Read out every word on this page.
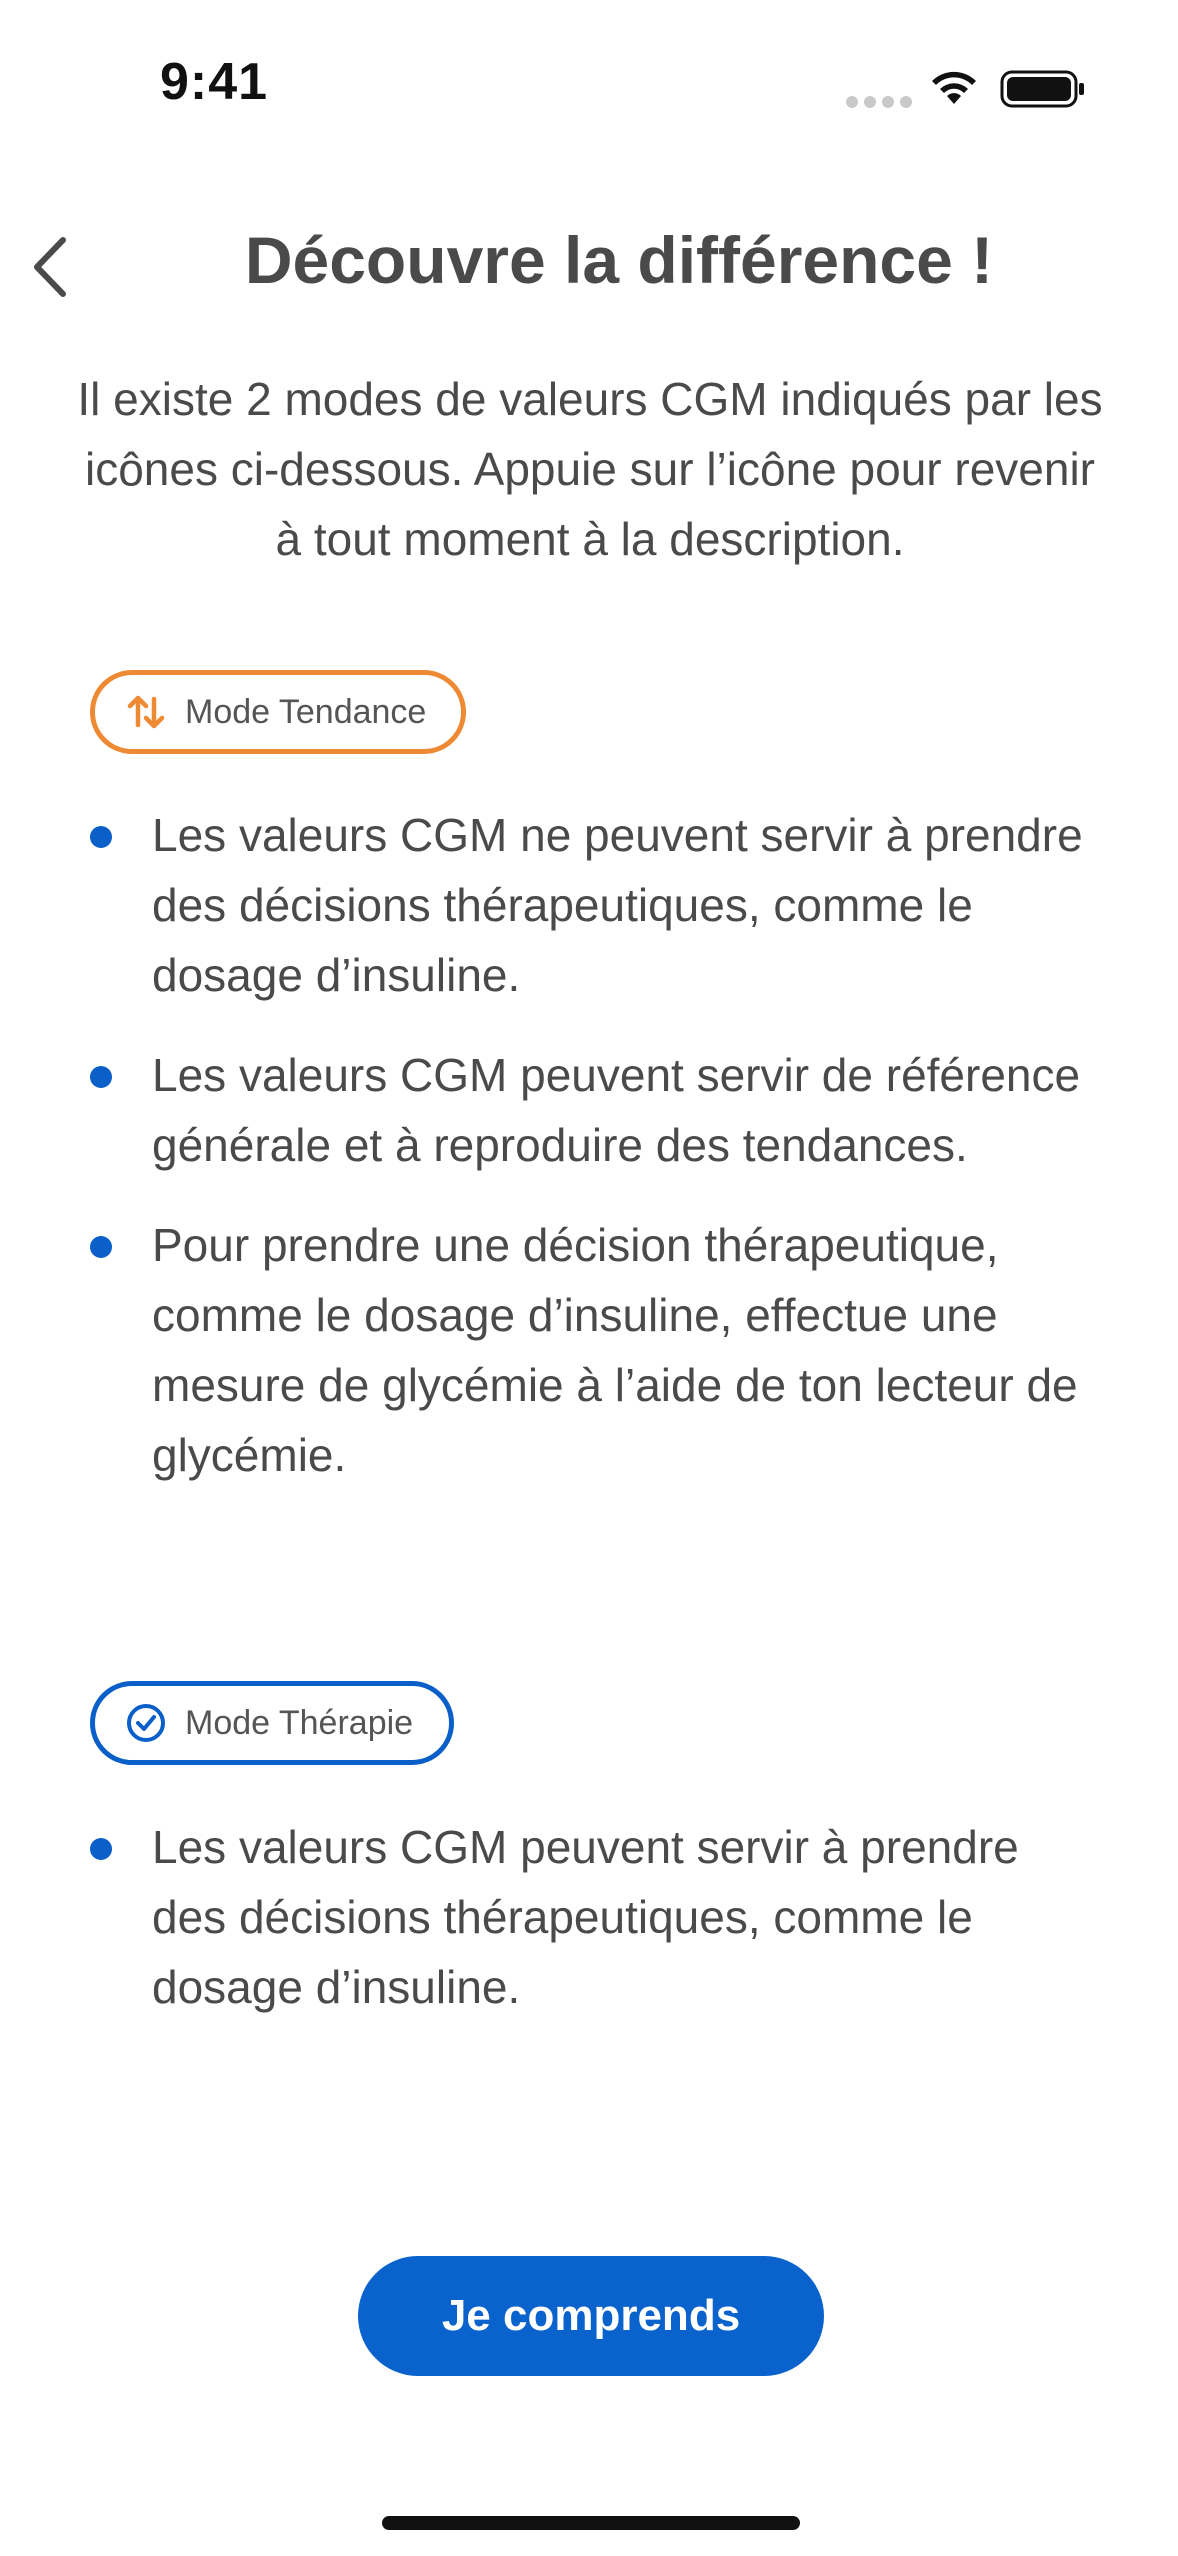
9:41
Découvre la différence !
Il existe 2 modes de valeurs CGM indiqués par les icônes ci-dessous. Appuie sur l’icône pour revenir à tout moment à la description.
Mode Tendance
Les valeurs CGM ne peuvent servir à prendre des décisions thérapeutiques, comme le dosage d’insuline.
Les valeurs CGM peuvent servir de référence générale et à reproduire des tendances.
Pour prendre une décision thérapeutique, comme le dosage d’insuline, effectue une mesure de glycémie à l’aide de ton lecteur de glycémie.
Mode Thérapie
Les valeurs CGM peuvent servir à prendre des décisions thérapeutiques, comme le dosage d’insuline.
Je comprends
